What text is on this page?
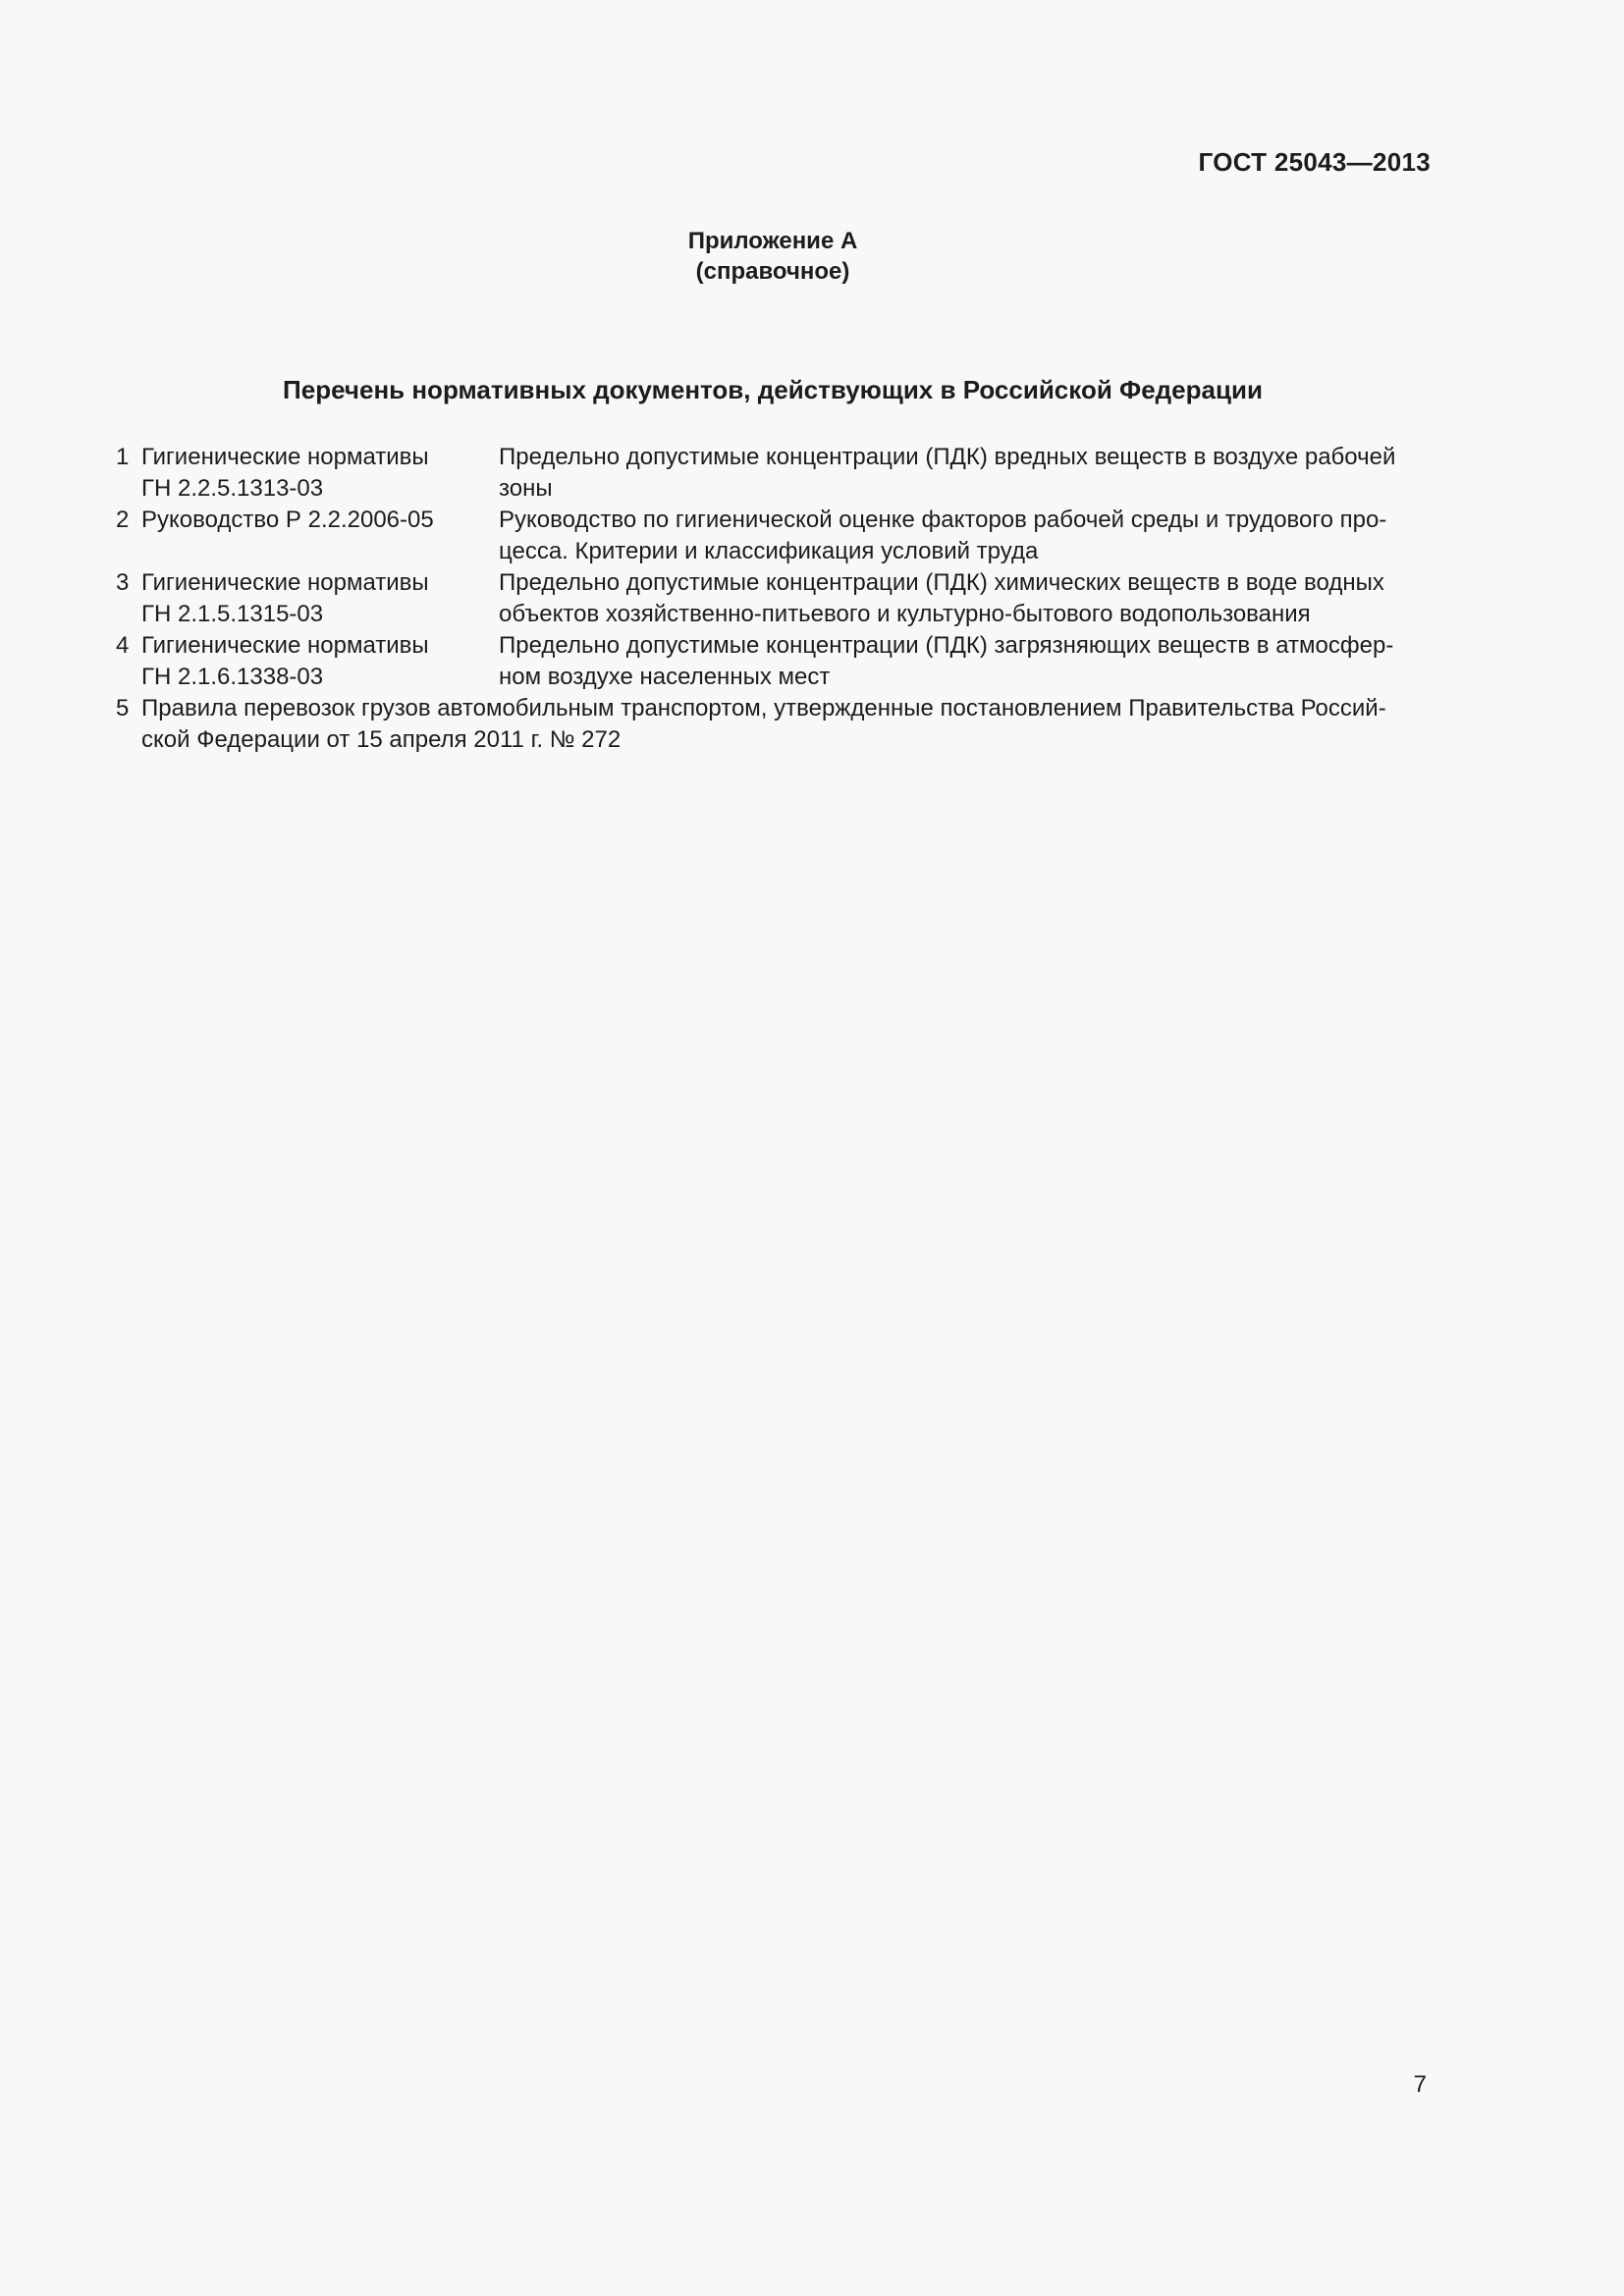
ГОСТ 25043—2013
Приложение А
(справочное)
Перечень нормативных документов, действующих в Российской Федерации
1 Гигиенические нормативы
ГН 2.2.5.1313-03
Предельно допустимые концентрации (ПДК) вредных веществ в воздухе рабочей
зоны
2 Руководство Р 2.2.2006-05	Руководство по гигиенической оценке факторов рабочей среды и трудового про-
цесса. Критерии и классификация условий труда
3 Гигиенические нормативы
ГН 2.1.5.1315-03
Предельно допустимые концентрации (ПДК) химических веществ в воде водных
объектов хозяйственно-питьевого и культурно-бытового водопользования
4 Гигиенические нормативы
ГН 2.1.6.1338-03
Предельно допустимые концентрации (ПДК) загрязняющих веществ в атмосфер-
ном воздухе населенных мест
5 Правила перевозок грузов автомобильным транспортом, утвержденные постановлением Правительства Россий-
ской Федерации от 15 апреля 2011 г. № 272
7
